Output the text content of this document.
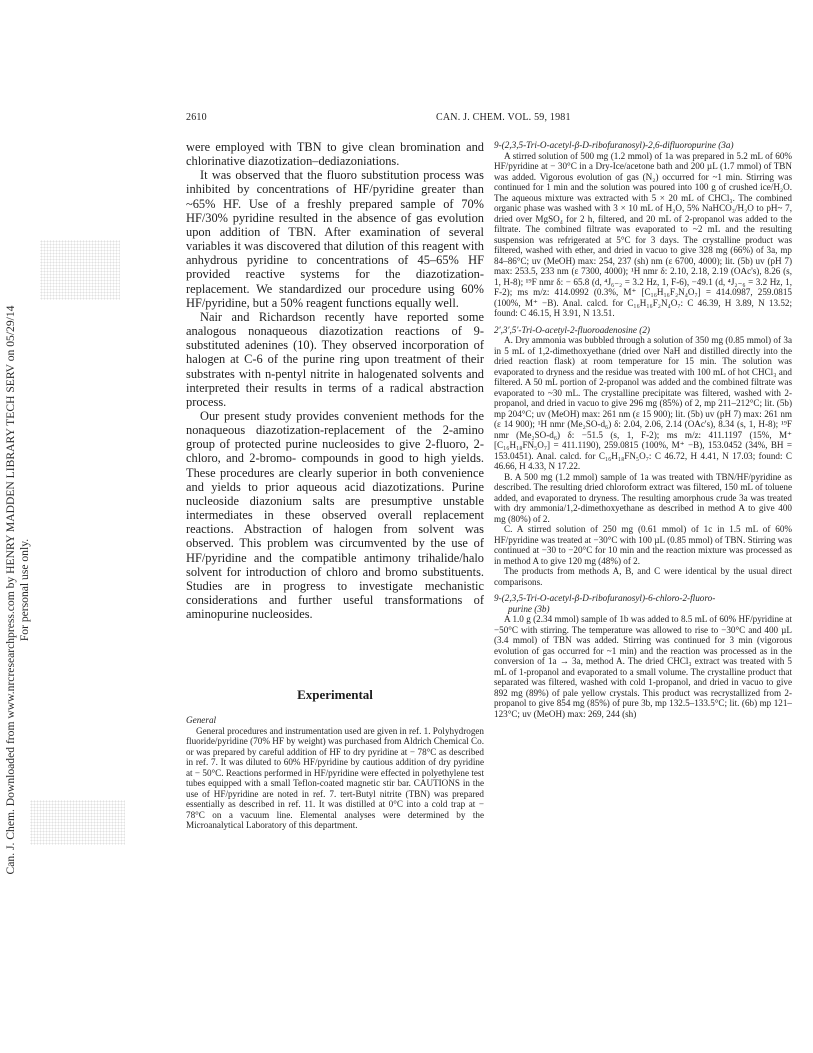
Can. J. Chem. Downloaded from www.nrcresearchpress.com by HENRY MADDEN LIBRARY TECH SERV on 05/29/14 For personal use only.
2610	CAN. J. CHEM. VOL. 59, 1981

were employed with TBN to give clean bromination and chlorinative diazotization–dediazoniations.

It was observed that the fluoro substitution process was inhibited by concentrations of HF/pyridine greater than ~65% HF. Use of a freshly prepared sample of 70% HF/30% pyridine resulted in the absence of gas evolution upon addition of TBN. After examination of several variables it was discovered that dilution of this reagent with anhydrous pyridine to concentrations of 45–65% HF provided reactive systems for the diazotization-replacement. We standardized our procedure using 60% HF/pyridine, but a 50% reagent functions equally well.

Nair and Richardson recently have reported some analogous nonaqueous diazotization reactions of 9-substituted adenines (10). They observed incorporation of halogen at C-6 of the purine ring upon treatment of their substrates with n-pentyl nitrite in halogenated solvents and interpreted their results in terms of a radical abstraction process.

Our present study provides convenient methods for the nonaqueous diazotization-replacement of the 2-amino group of protected purine nucleosides to give 2-fluoro, 2-chloro, and 2-bromo- compounds in good to high yields. These procedures are clearly superior in both convenience and yields to prior aqueous acid diazotizations. Purine nucleoside diazonium salts are presumptive unstable intermediates in these observed overall replacement reactions. Abstraction of halogen from solvent was observed. This problem was circumvented by the use of HF/pyridine and the compatible antimony trihalide/halo solvent for introduction of chloro and bromo substituents. Studies are in progress to investigate mechanistic considerations and further useful transformations of aminopurine nucleosides.

Experimental

General

General procedures and instrumentation used are given in ref. 1. Polyhydrogen fluoride/pyridine (70% HF by weight) was purchased from Aldrich Chemical Co. or was prepared by careful addition of HF to dry pyridine at − 78°C as described in ref. 7. It was diluted to 60% HF/pyridine by cautious addition of dry pyridine at − 50°C. Reactions performed in HF/pyridine were effected in polyethylene test tubes equipped with a small Teflon-coated magnetic stir bar. CAUTIONS in the use of HF/pyridine are noted in ref. 7. tert-Butyl nitrite (TBN) was prepared essentially as described in ref. 11. It was distilled at 0°C into a cold trap at − 78°C on a vacuum line. Elemental analyses were determined by the Microanalytical Laboratory of this department.

9-(2,3,5-Tri-O-acetyl-β-D-ribofuranosyl)-2,6-difluoropurine (3a)

A stirred solution of 500 mg (1.2 mmol) of 1a was prepared in 5.2 mL of 60% HF/pyridine at − 30°C in a Dry-Ice/acetone bath and 200 µL (1.7 mmol) of TBN was added. Vigorous evolution of gas (N₂) occurred for ~1 min. Stirring was continued for 1 min and the solution was poured into 100 g of crushed ice/H₂O. The aqueous mixture was extracted with 5 × 20 mL of CHCl₃. The combined organic phase was washed with 3 × 10 mL of H₂O, 5% NaHCO₃/H₂O to pH~ 7, dried over MgSO₄ for 2 h, filtered, and 20 mL of 2-propanol was added to the filtrate. The combined filtrate was evaporated to ~2 mL and the resulting suspension was refrigerated at 5°C for 3 days. The crystalline product was filtered, washed with ether, and dried in vacuo to give 328 mg (66%) of 3a, mp 84–86°C; uv (MeOH) max: 254, 237 (sh) nm (ε 6700, 4000); lit. (5b) uv (pH 7) max: 253.5, 233 nm (ε 7300, 4000); ¹H nmr δ: 2.10, 2.18, 2.19 (OAc's), 8.26 (s, 1, H-8); ¹⁹F nmr δ: − 65.8 (d, ⁴J₆₋₂ = 3.2 Hz, 1, F-6), −49.1 (d, ⁴J₂₋₆ = 3.2 Hz, 1, F-2); ms m/z: 414.0992 (0.3%, M⁺ [C₁₆H₁₆F₂N₄O₇] = 414.0987, 259.0815 (100%, M⁺ −B). Anal. calcd. for C₁₆H₁₆F₂N₄O₇: C 46.39, H 3.89, N 13.52; found: C 46.15, H 3.91, N 13.51.

2′,3′,5′-Tri-O-acetyl-2-fluoroadenosine (2)

A. Dry ammonia was bubbled through a solution of 350 mg (0.85 mmol) of 3a in 5 mL of 1,2-dimethoxyethane (dried over NaH and distilled directly into the dried reaction flask) at room temperature for 15 min. The solution was evaporated to dryness and the residue was treated with 100 mL of hot CHCl₃ and filtered. A 50 mL portion of 2-propanol was added and the combined filtrate was evaporated to ~30 mL. The crystalline precipitate was filtered, washed with 2-propanol, and dried in vacuo to give 296 mg (85%) of 2, mp 211–212°C; lit. (5b) mp 204°C; uv (MeOH) max: 261 nm (ε 15 900); lit. (5b) uv (pH 7) max: 261 nm (ε 14 900); ¹H nmr (Me₂SO-d₆) δ: 2.04, 2.06, 2.14 (OAc's), 8.34 (s, 1, H-8); ¹⁹F nmr (Me₂SO-d₆) δ: −51.5 (s, 1, F-2); ms m/z: 411.1197 (15%, M⁺ [C₁₆H₁₈FN₅O₇] = 411.1190), 259.0815 (100%, M⁺ −B), 153.0452 (34%, BH = 153.0451). Anal. calcd. for C₁₆H₁₈FN₅O₇: C 46.72, H 4.41, N 17.03; found: C 46.66, H 4.33, N 17.22.

B. A 500 mg (1.2 mmol) sample of 1a was treated with TBN/HF/pyridine as described. The resulting dried chloroform extract was filtered, 150 mL of toluene added, and evaporated to dryness. The resulting amorphous crude 3a was treated with dry ammonia/1,2-dimethoxyethane as described in method A to give 400 mg (80%) of 2.

C. A stirred solution of 250 mg (0.61 mmol) of 1c in 1.5 mL of 60% HF/pyridine was treated at −30°C with 100 µL (0.85 mmol) of TBN. Stirring was continued at −30 to −20°C for 10 min and the reaction mixture was processed as in method A to give 120 mg (48%) of 2.

The products from methods A, B, and C were identical by the usual direct comparisons.

9-(2,3,5-Tri-O-acetyl-β-D-ribofuranosyl)-6-chloro-2-fluoro-

purine (3b)

A 1.0 g (2.34 mmol) sample of 1b was added to 8.5 mL of 60% HF/pyridine at −50°C with stirring. The temperature was allowed to rise to −30°C and 400 µL (3.4 mmol) of TBN was added. Stirring was continued for 3 min (vigorous evolution of gas occurred for ~1 min) and the reaction was processed as in the conversion of 1a → 3a, method A. The dried CHCl₃ extract was treated with 5 mL of 1-propanol and evaporated to a small volume. The crystalline product that separated was filtered, washed with cold 1-propanol, and dried in vacuo to give 892 mg (89%) of pale yellow crystals. This product was recrystallized from 2-propanol to give 854 mg (85%) of pure 3b, mp 132.5–133.5°C; lit. (6b) mp 121–123°C; uv (MeOH) max: 269, 244 (sh)
